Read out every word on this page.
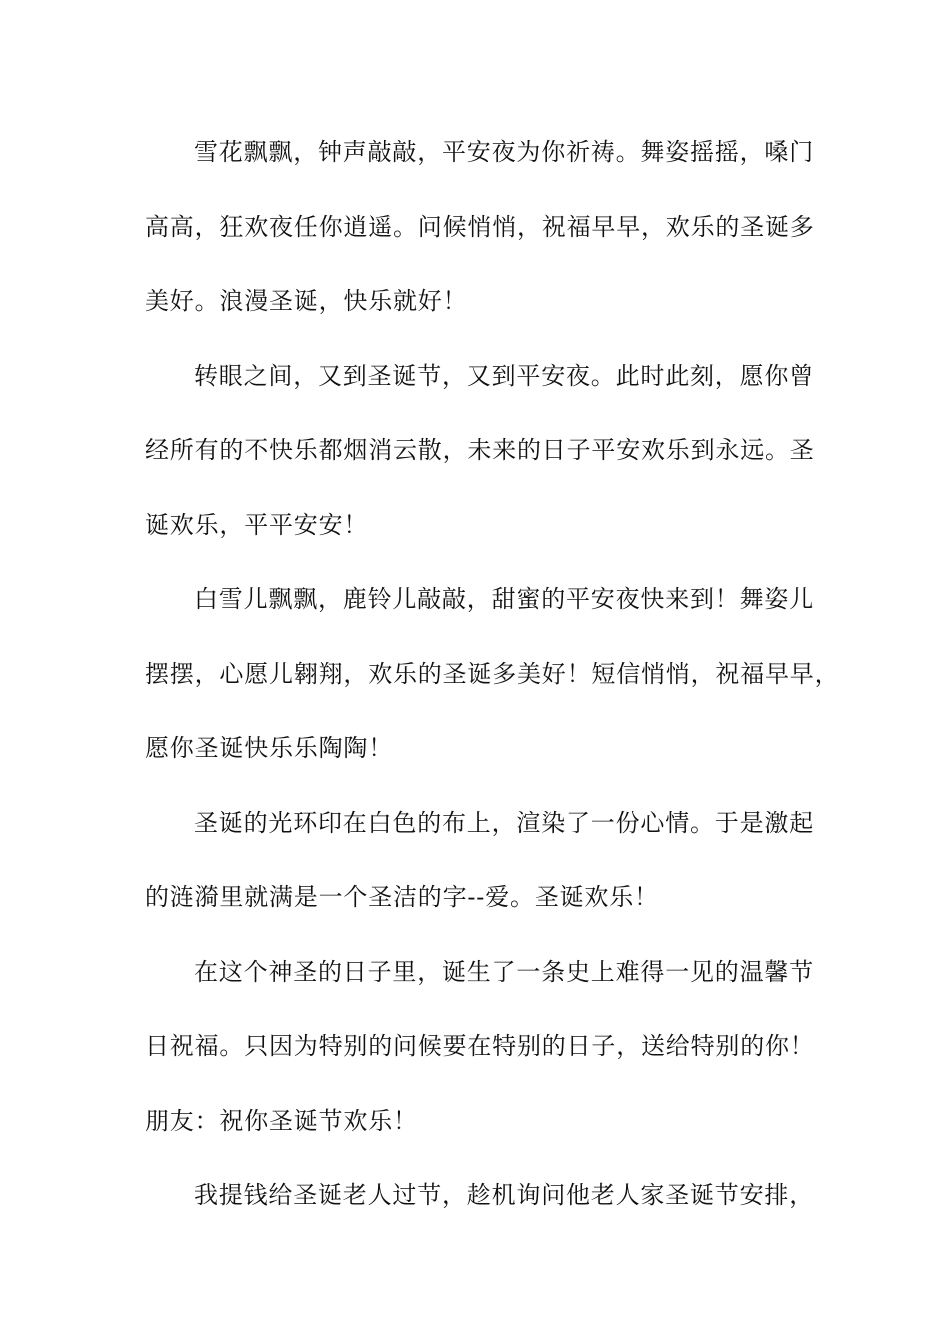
雪花飘飘，钟声敲敲，平安夜为你祈祷。舞姿摇摇，嗓门
高高，狂欢夜任你逍遥。问候悄悄，祝福早早，欢乐的圣诞多
美好。浪漫圣诞，快乐就好！
转眼之间，又到圣诞节，又到平安夜。此时此刻，愿你曾
经所有的不快乐都烟消云散，未来的日子平安欢乐到永远。圣
诞欢乐，平平安安！
白雪儿飘飘，鹿铃儿敲敲，甜蜜的平安夜快来到！舞姿儿
摆摆，心愿儿翱翔，欢乐的圣诞多美好！短信悄悄，祝福早早，
愿你圣诞快乐乐陶陶！
圣诞的光环印在白色的布上，渲染了一份心情。于是激起
的涟漪里就满是一个圣洁的字--爱。圣诞欢乐！
在这个神圣的日子里，诞生了一条史上难得一见的温馨节
日祝福。只因为特别的问候要在特别的日子，送给特别的你！
朋友：祝你圣诞节欢乐！
我提钱给圣诞老人过节，趁机询问他老人家圣诞节安排，
